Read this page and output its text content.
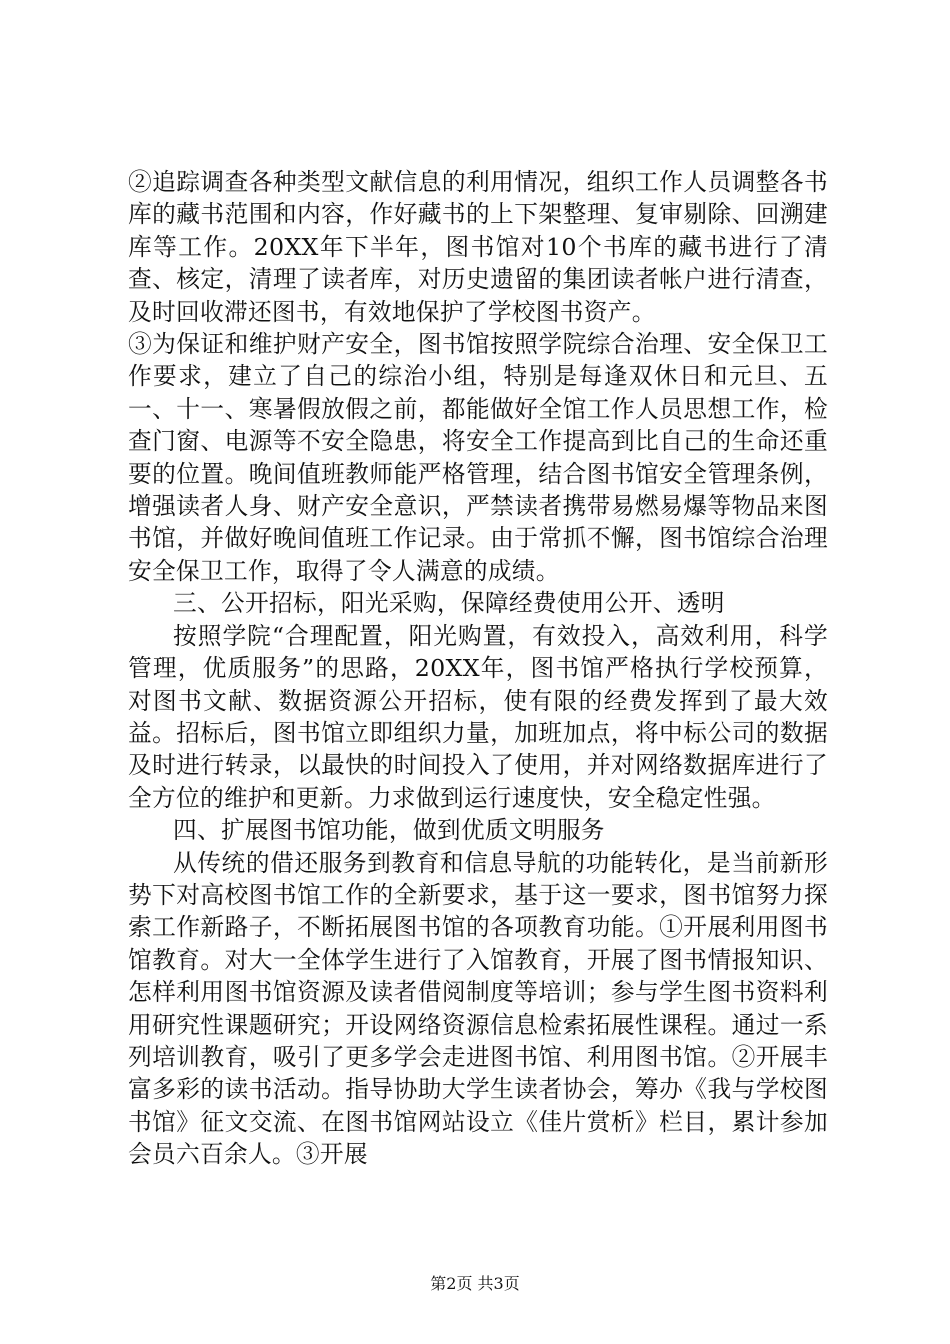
②追踪调查各种类型文献信息的利用情况，组织工作人员调整各书库的藏书范围和内容，作好藏书的上下架整理、复审剔除、回溯建库等工作。20XX年下半年，图书馆对10个书库的藏书进行了清查、核定，清理了读者库，对历史遗留的集团读者帐户进行清查，及时回收滞还图书，有效地保护了学校图书资产。

③为保证和维护财产安全，图书馆按照学院综合治理、安全保卫工作要求，建立了自己的综治小组，特别是每逢双休日和元旦、五一、十一、寒暑假放假之前，都能做好全馆工作人员思想工作，检查门窗、电源等不安全隐患，将安全工作提高到比自己的生命还重要的位置。晚间值班教师能严格管理，结合图书馆安全管理条例，增强读者人身、财产安全意识，严禁读者携带易燃易爆等物品来图书馆，并做好晚间值班工作记录。由于常抓不懈，图书馆综合治理安全保卫工作，取得了令人满意的成绩。

三、公开招标，阳光采购，保障经费使用公开、透明

按照学院“合理配置，阳光购置，有效投入，高效利用，科学管理，优质服务”的思路，20XX年，图书馆严格执行学校预算，对图书文献、数据资源公开招标，使有限的经费发挥到了最大效益。招标后，图书馆立即组织力量，加班加点，将中标公司的数据及时进行转录，以最快的时间投入了使用，并对网络数据库进行了全方位的维护和更新。力求做到运行速度快，安全稳定性强。

四、扩展图书馆功能，做到优质文明服务

从传统的借还服务到教育和信息导航的功能转化，是当前新形势下对高校图书馆工作的全新要求，基于这一要求，图书馆努力探索工作新路子，不断拓展图书馆的各项教育功能。①开展利用图书馆教育。对大一全体学生进行了入馆教育，开展了图书情报知识、怎样利用图书馆资源及读者借阅制度等培训；参与学生图书资料利用研究性课题研究；开设网络资源信息检索拓展性课程。通过一系列培训教育，吸引了更多学会走进图书馆、利用图书馆。②开展丰富多彩的读书活动。指导协助大学生读者协会，筹办《我与学校图书馆》征文交流、在图书馆网站设立《佳片赏析》栏目，累计参加会员六百余人。③开展

第2页 共3页
